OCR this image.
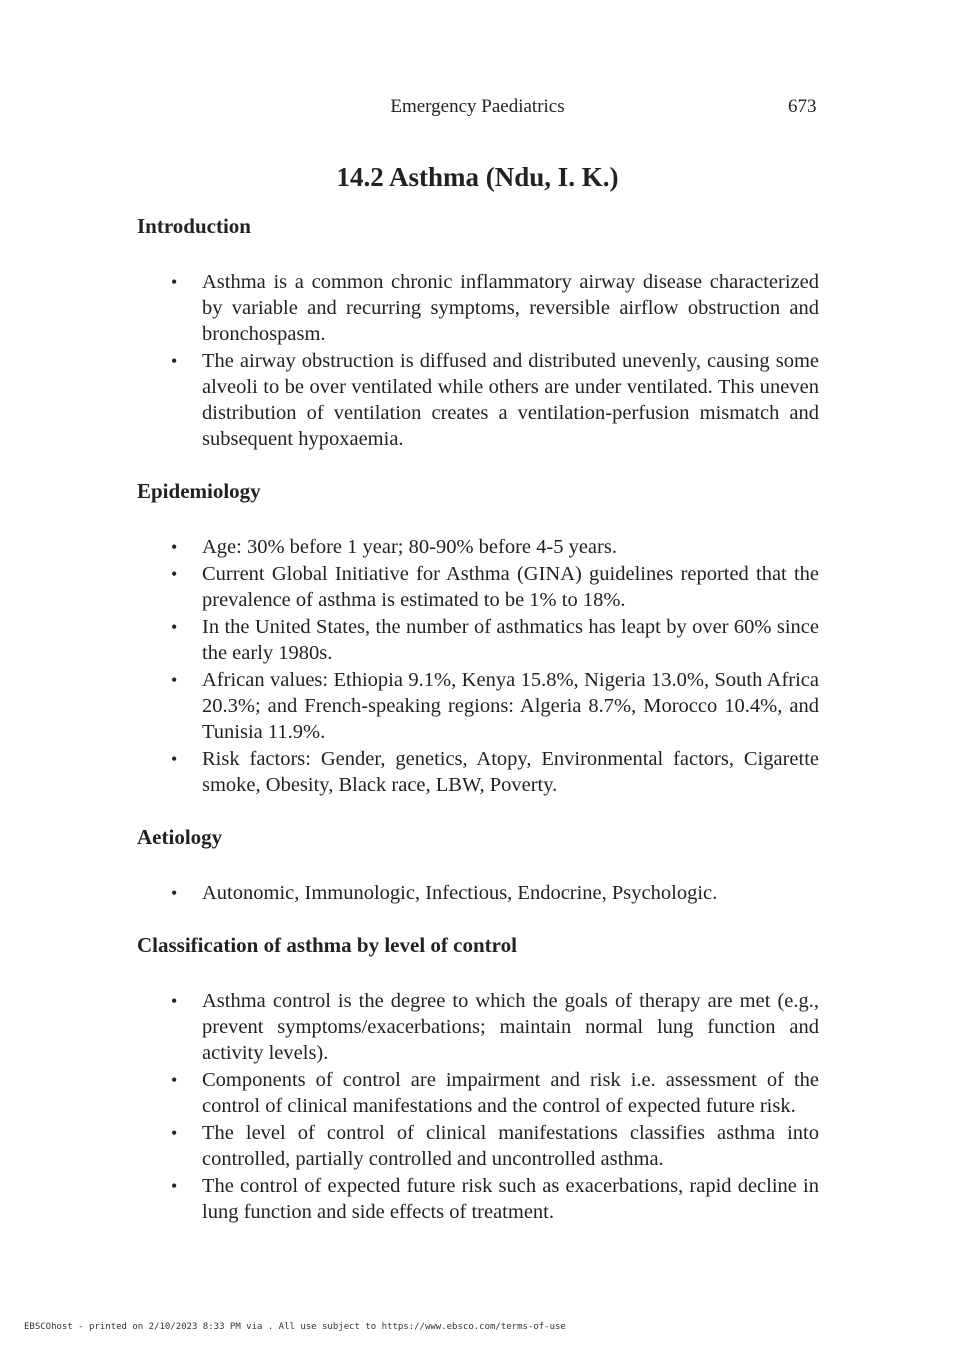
Emergency Paediatrics	673
14.2 Asthma (Ndu, I. K.)
Introduction
• Asthma is a common chronic inflammatory airway disease characterized by variable and recurring symptoms, reversible airflow obstruction and bronchospasm.
• The airway obstruction is diffused and distributed unevenly, causing some alveoli to be over ventilated while others are under ventilated. This uneven distribution of ventilation creates a ventilation-perfusion mismatch and subsequent hypoxaemia.
Epidemiology
• Age: 30% before 1 year; 80-90% before 4-5 years.
• Current Global Initiative for Asthma (GINA) guidelines reported that the prevalence of asthma is estimated to be 1% to 18%.
• In the United States, the number of asthmatics has leapt by over 60% since the early 1980s.
• African values: Ethiopia 9.1%, Kenya 15.8%, Nigeria 13.0%, South Africa 20.3%; and French-speaking regions: Algeria 8.7%, Morocco 10.4%, and Tunisia 11.9%.
• Risk factors: Gender, genetics, Atopy, Environmental factors, Cigarette smoke, Obesity, Black race, LBW, Poverty.
Aetiology
• Autonomic, Immunologic, Infectious, Endocrine, Psychologic.
Classification of asthma by level of control
• Asthma control is the degree to which the goals of therapy are met (e.g., prevent symptoms/exacerbations; maintain normal lung function and activity levels).
• Components of control are impairment and risk i.e. assessment of the control of clinical manifestations and the control of expected future risk.
• The level of control of clinical manifestations classifies asthma into controlled, partially controlled and uncontrolled asthma.
• The control of expected future risk such as exacerbations, rapid decline in lung function and side effects of treatment.
EBSCOhost - printed on 2/10/2023 8:33 PM via . All use subject to https://www.ebsco.com/terms-of-use
